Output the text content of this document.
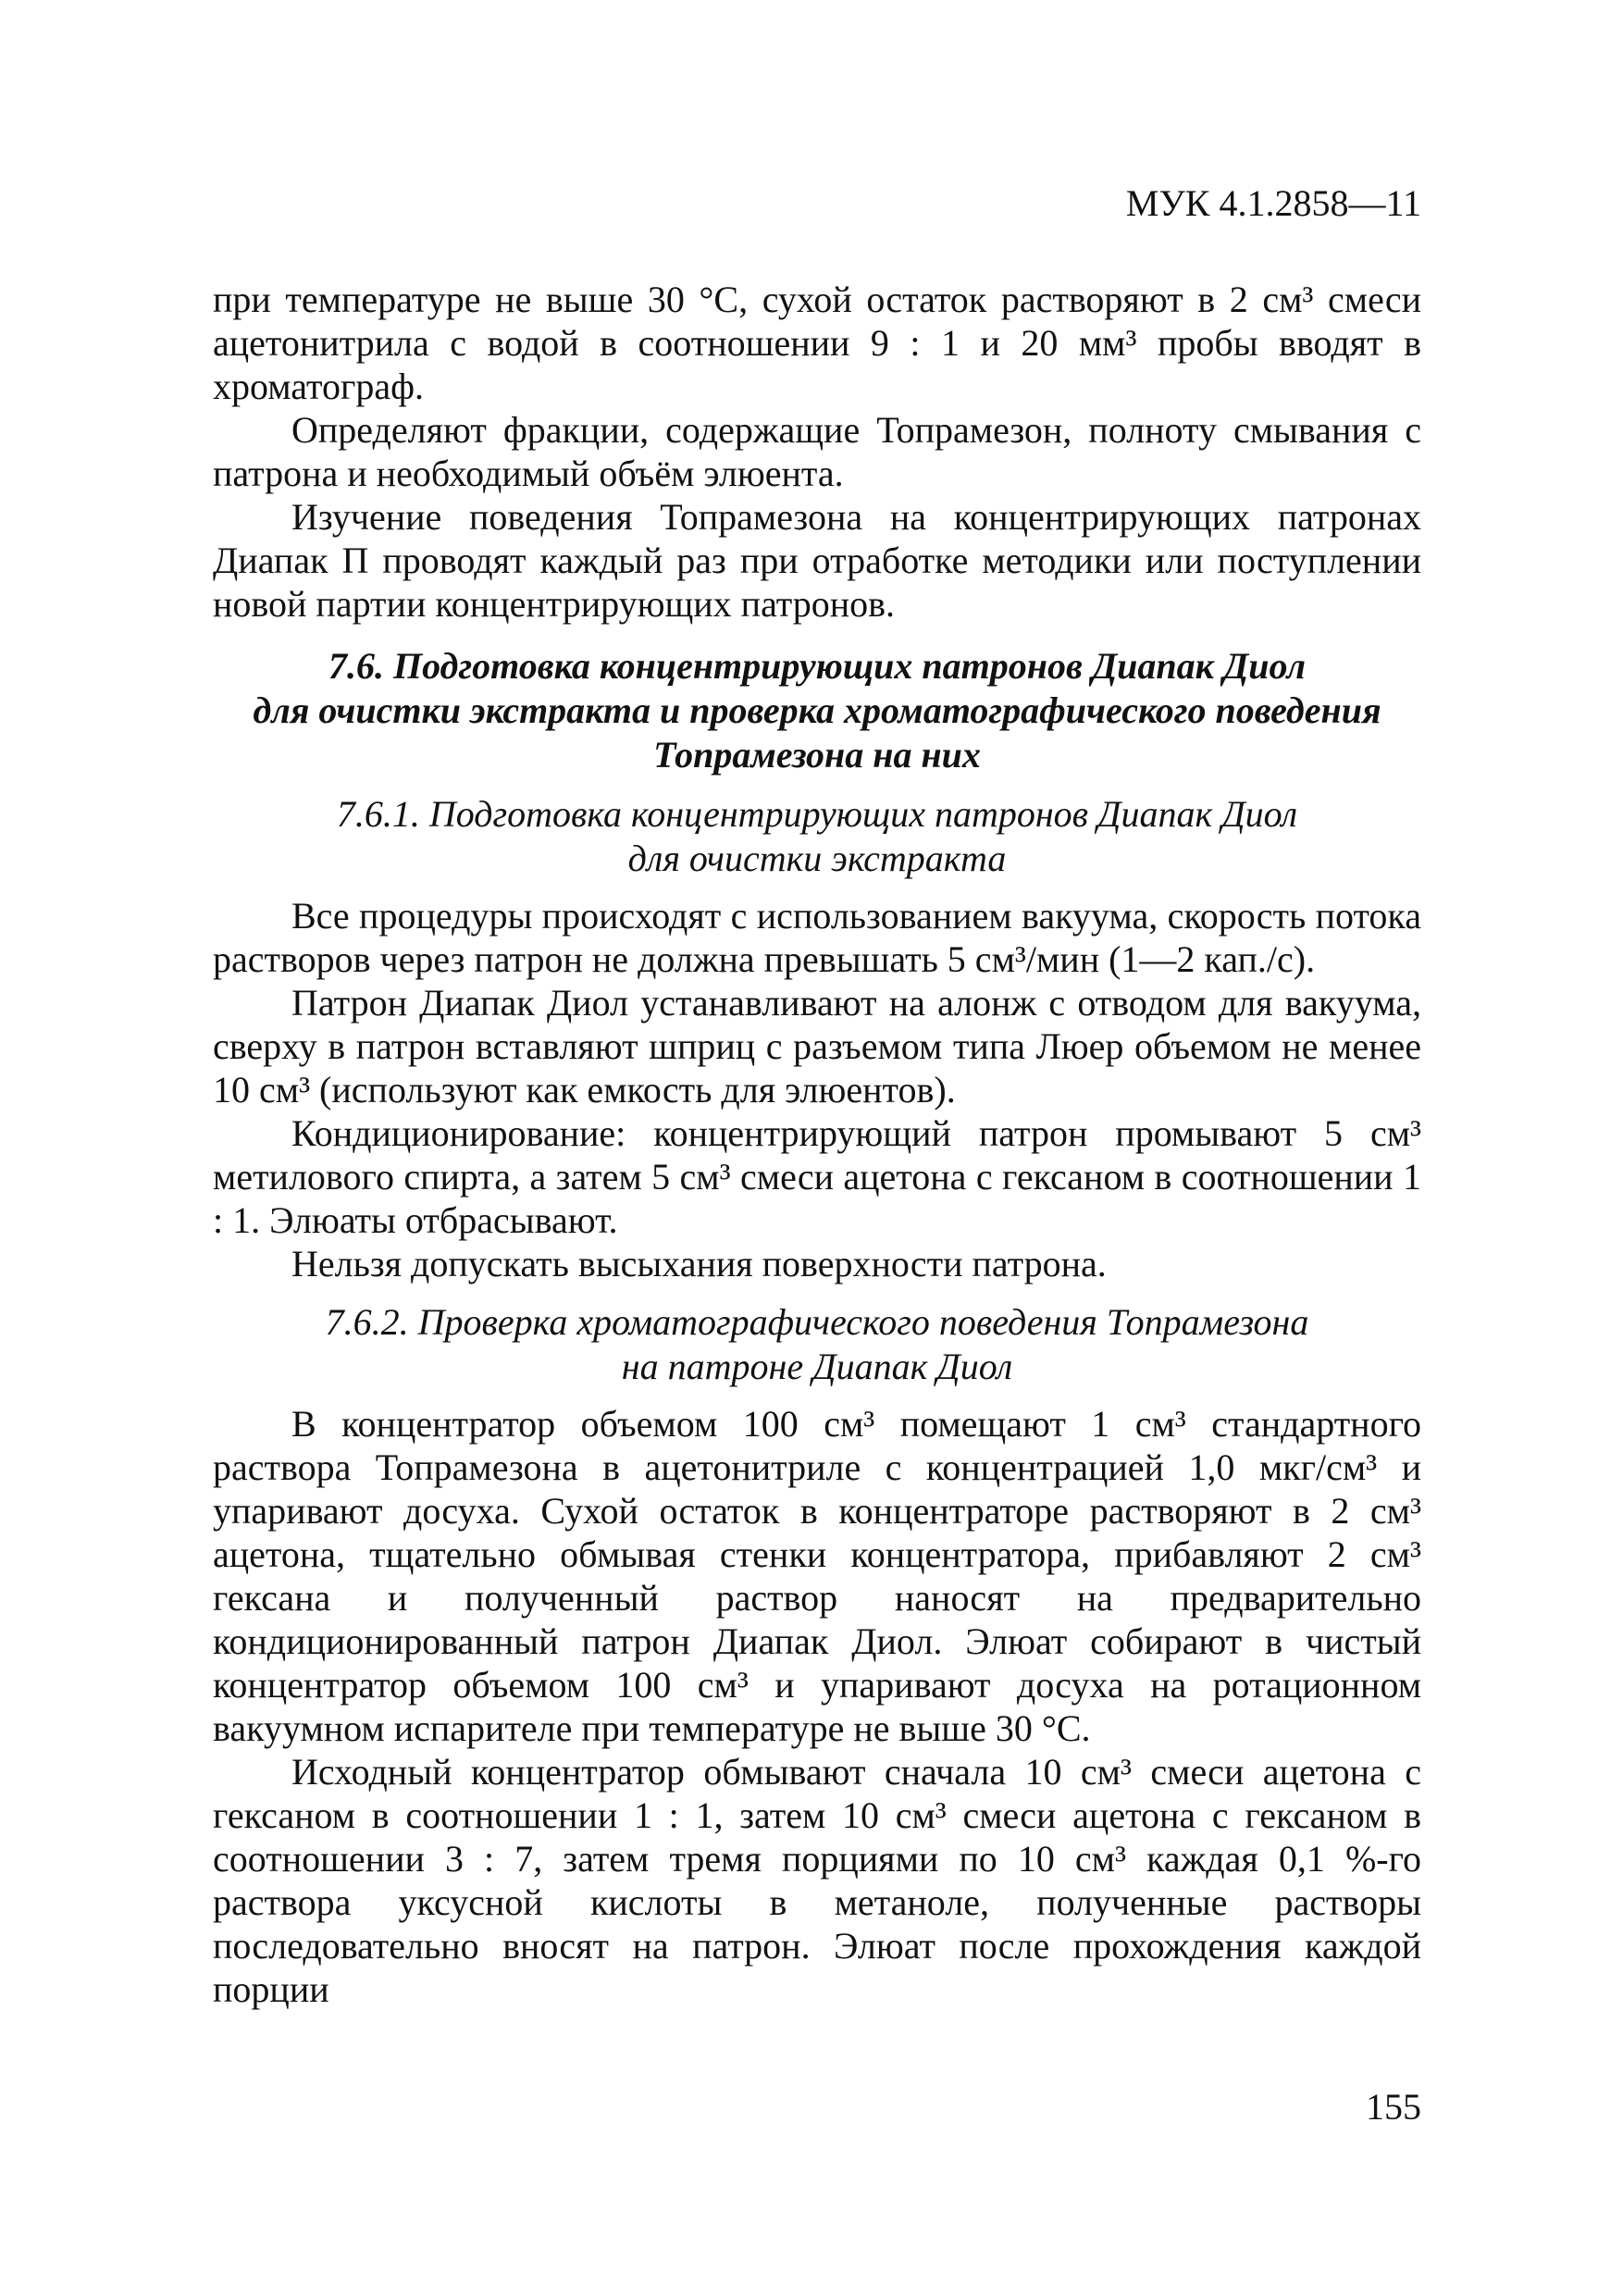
МУК 4.1.2858—11

при температуре не выше 30 °С, сухой остаток растворяют в 2 см³ смеси ацетонитрила с водой в соотношении 9 : 1 и 20 мм³ пробы вводят в хроматограф.

Определяют фракции, содержащие Топрамезон, полноту смывания с патрона и необходимый объём элюента.

Изучение поведения Топрамезона на концентрирующих патронах Диапак П проводят каждый раз при отработке методики или поступлении новой партии концентрирующих патронов.

7.6. Подготовка концентрирующих патронов Диапак Диол
для очистки экстракта и проверка хроматографического поведения
Топрамезона на них
7.6.1. Подготовка концентрирующих патронов Диапак Диол
для очистки экстракта

Все процедуры происходят с использованием вакуума, скорость потока растворов через патрон не должна превышать 5 см³/мин (1—2 кап./с).

Патрон Диапак Диол устанавливают на алонж с отводом для вакуума, сверху в патрон вставляют шприц с разъемом типа Люер объемом не менее 10 см³ (используют как емкость для элюентов).

Кондиционирование: концентрирующий патрон промывают 5 см³ метилового спирта, а затем 5 см³ смеси ацетона с гексаном в соотношении 1 : 1. Элюаты отбрасывают.

Нельзя допускать высыхания поверхности патрона.

7.6.2. Проверка хроматографического поведения Топрамезона
на патроне Диапак Диол

В концентратор объемом 100 см³ помещают 1 см³ стандартного раствора Топрамезона в ацетонитриле с концентрацией 1,0 мкг/см³ и упаривают досуха. Сухой остаток в концентраторе растворяют в 2 см³ ацетона, тщательно обмывая стенки концентратора, прибавляют 2 см³ гексана и полученный раствор наносят на предварительно кондиционированный патрон Диапак Диол. Элюат собирают в чистый концентратор объемом 100 см³ и упаривают досуха на ротационном вакуумном испарителе при температуре не выше 30 °С.

Исходный концентратор обмывают сначала 10 см³ смеси ацетона с гексаном в соотношении 1 : 1, затем 10 см³ смеси ацетона с гексаном в соотношении 3 : 7, затем тремя порциями по 10 см³ каждая 0,1 %-го раствора уксусной кислоты в метаноле, полученные растворы последовательно вносят на патрон. Элюат после прохождения каждой порции

155
